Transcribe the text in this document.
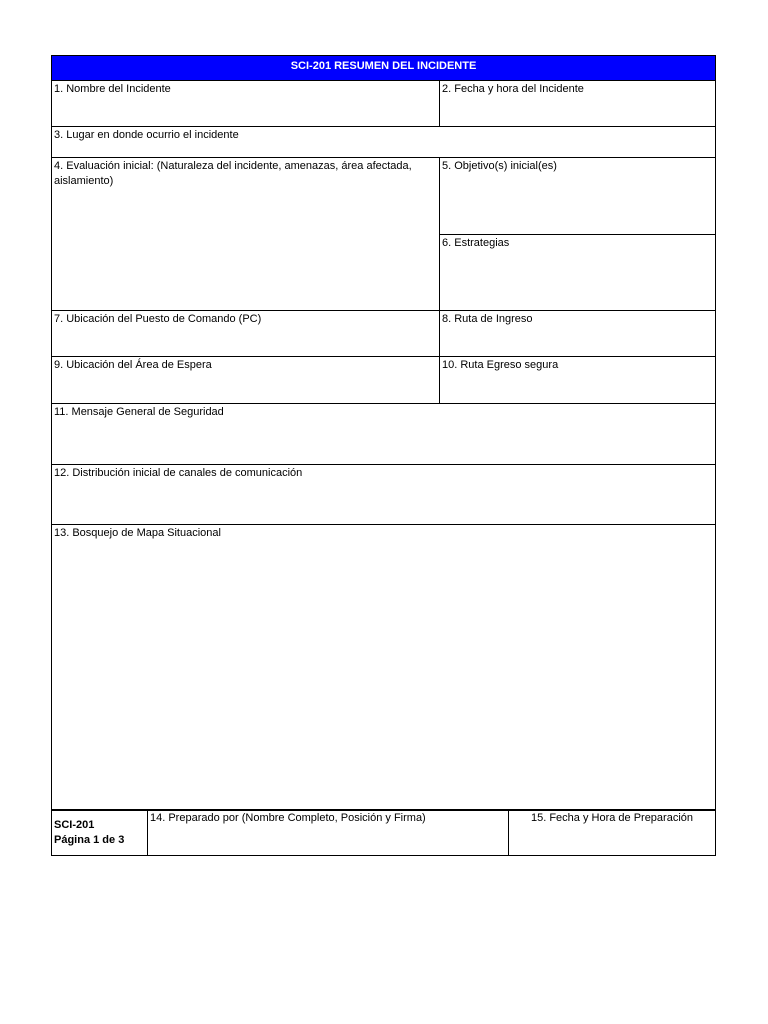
SCI-201 RESUMEN DEL INCIDENTE	

1. Nombre del Incidente	2. Fecha y hora del Incidente

3. Lugar en donde ocurrio el incidente	

4. Evaluación inicial: (Naturaleza del incidente, amenazas, área afectada, aislamiento)	5. Objetivo(s) inicial(es)

	6. Estrategias

7. Ubicación del Puesto de Comando (PC)	8. Ruta de Ingreso

9. Ubicación del Área de Espera	10. Ruta Egreso segura

11. Mensaje General de Seguridad	

12. Distribución inicial de canales de comunicación	

13. Bosquejo de Mapa Situacional	
SCI-201
Página 1 de 3

14. Preparado por (Nombre Completo, Posición y Firma)	15. Fecha y Hora de Preparación
